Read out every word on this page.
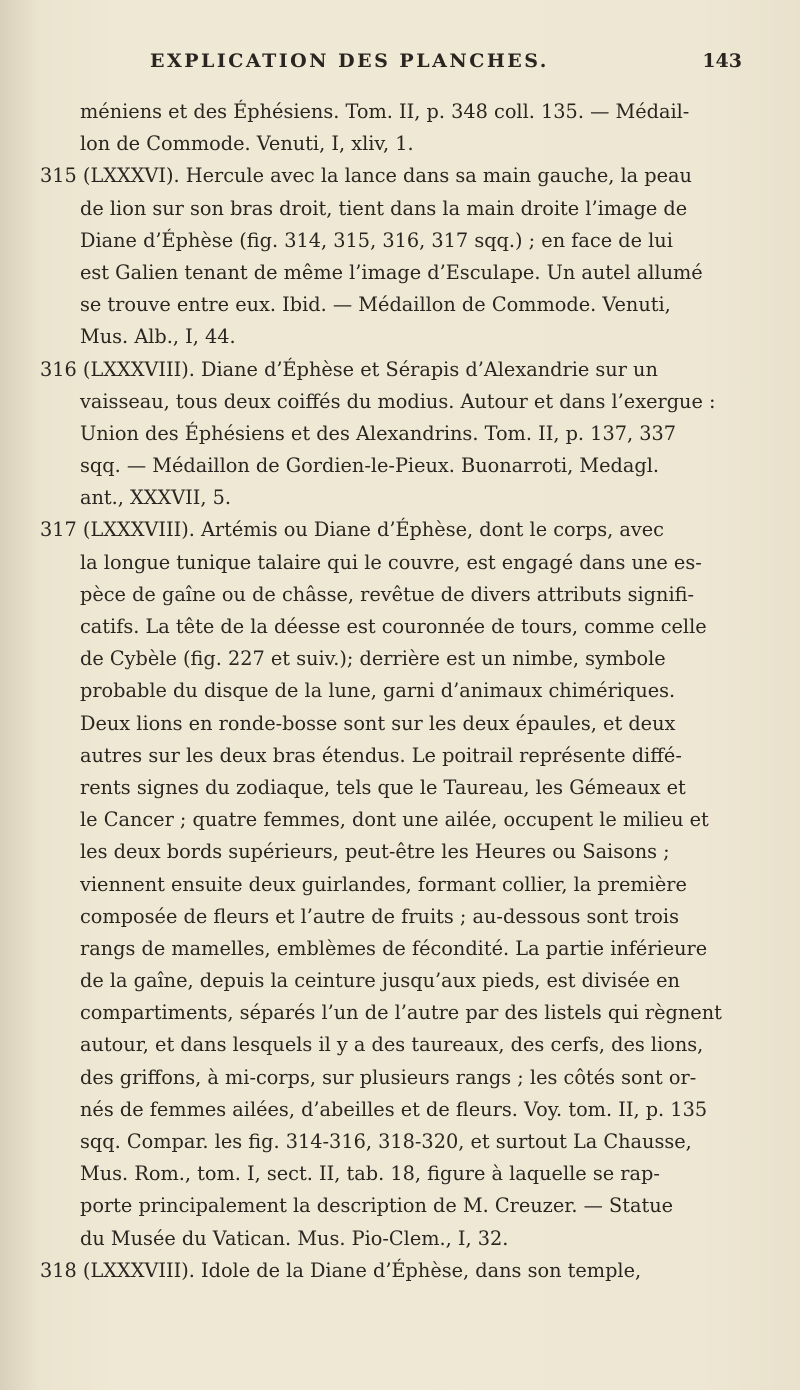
EXPLICATION DES PLANCHES.	143
méniens et des Éphésiens. Tom. II, p. 348 coll. 135. — Médail-
lon de Commode. Venuti, I, xliv, 1.
315 (LXXXVI). Hercule avec la lance dans sa main gauche, la peau
de lion sur son bras droit, tient dans la main droite l’image de
Diane d’Éphèse (fig. 314, 315, 316, 317 sqq.) ; en face de lui
est Galien tenant de même l’image d’Esculape. Un autel allumé
se trouve entre eux. Ibid. — Médaillon de Commode. Venuti,
Mus. Alb., I, 44.
316 (LXXXVIII). Diane d’Éphèse et Sérapis d’Alexandrie sur un
vaisseau, tous deux coiffés du modius. Autour et dans l’exergue :
Union des Éphésiens et des Alexandrins. Tom. II, p. 137, 337
sqq. — Médaillon de Gordien-le-Pieux. Buonarroti, Medagl.
ant., XXXVII, 5.
317 (LXXXVIII). Artémis ou Diane d’Éphèse, dont le corps, avec
la longue tunique talaire qui le couvre, est engagé dans une es-
pèce de gaîne ou de châsse, revêtue de divers attributs signifi-
catifs. La tête de la déesse est couronnée de tours, comme celle
de Cybèle (fig. 227 et suiv.); derrière est un nimbe, symbole
probable du disque de la lune, garni d’animaux chimériques.
Deux lions en ronde-bosse sont sur les deux épaules, et deux
autres sur les deux bras étendus. Le poitrail représente diffé-
rents signes du zodiaque, tels que le Taureau, les Gémeaux et
le Cancer ; quatre femmes, dont une ailée, occupent le milieu et
les deux bords supérieurs, peut-être les Heures ou Saisons ;
viennent ensuite deux guirlandes, formant collier, la première
composée de fleurs et l’autre de fruits ; au-dessous sont trois
rangs de mamelles, emblèmes de fécondité. La partie inférieure
de la gaîne, depuis la ceinture jusqu’aux pieds, est divisée en
compartiments, séparés l’un de l’autre par des listels qui règnent
autour, et dans lesquels il y a des taureaux, des cerfs, des lions,
des griffons, à mi-corps, sur plusieurs rangs ; les côtés sont or-
nés de femmes ailées, d’abeilles et de fleurs. Voy. tom. II, p. 135
sqq. Compar. les fig. 314-316, 318-320, et surtout La Chausse,
Mus. Rom., tom. I, sect. II, tab. 18, figure à laquelle se rap-
porte principalement la description de M. Creuzer. — Statue
du Musée du Vatican. Mus. Pio-Clem., I, 32.
318 (LXXXVIII). Idole de la Diane d’Éphèse, dans son temple,
